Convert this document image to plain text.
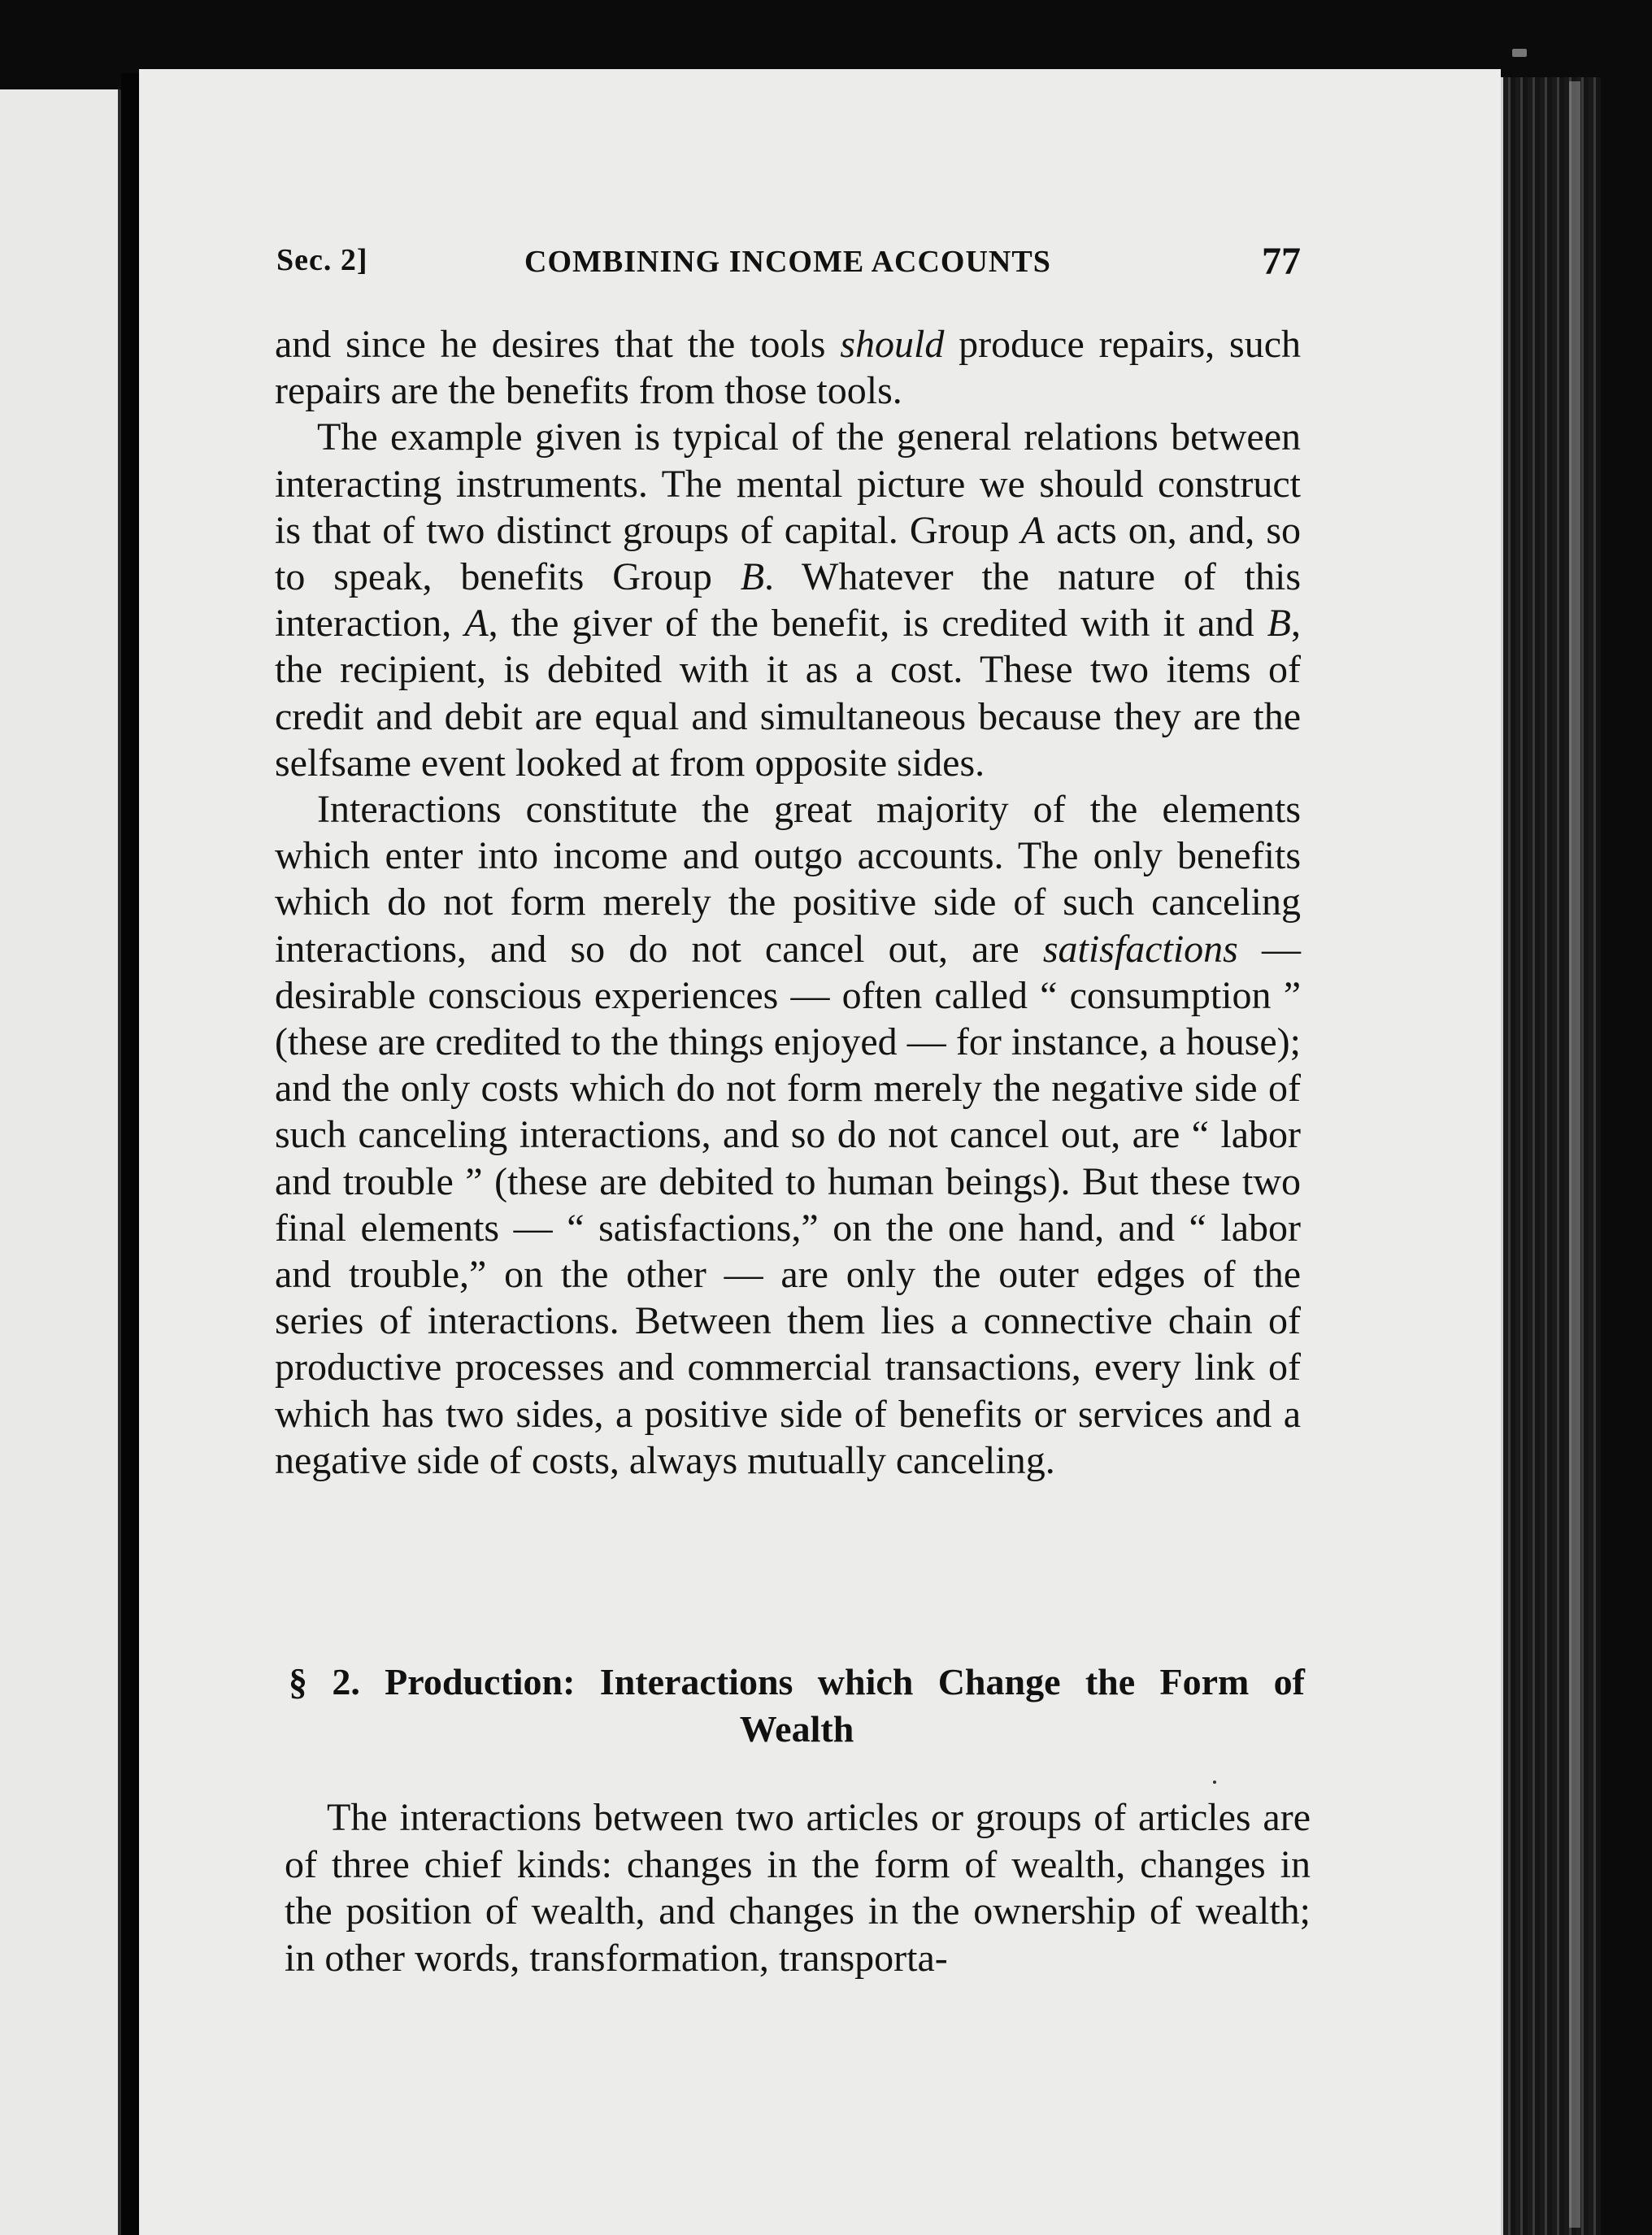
Sec. 2]	COMBINING INCOME ACCOUNTS	77

and since he desires that the tools should produce repairs, such repairs are the benefits from those tools.

The example given is typical of the general relations between interacting instruments. The mental picture we should construct is that of two distinct groups of capital. Group A acts on, and, so to speak, benefits Group B. Whatever the nature of this interaction, A, the giver of the benefit, is credited with it and B, the recipient, is debited with it as a cost. These two items of credit and debit are equal and simultaneous because they are the selfsame event looked at from opposite sides.

Interactions constitute the great majority of the elements which enter into income and outgo accounts. The only benefits which do not form merely the positive side of such canceling interactions, and so do not cancel out, are satisfactions — desirable conscious experiences — often called “ consumption ” (these are credited to the things enjoyed — for instance, a house); and the only costs which do not form merely the negative side of such canceling interactions, and so do not cancel out, are “ labor and trouble ” (these are debited to human beings). But these two final elements — “ satisfactions,” on the one hand, and “ labor and trouble,” on the other — are only the outer edges of the series of interactions. Between them lies a connective chain of productive processes and commercial transactions, every link of which has two sides, a positive side of benefits or services and a negative side of costs, always mutually canceling.

§ 2. Production: Interactions which Change the Form of
Wealth

The interactions between two articles or groups of articles are of three chief kinds: changes in the form of wealth, changes in the position of wealth, and changes in the ownership of wealth; in other words, transformation, transporta-
